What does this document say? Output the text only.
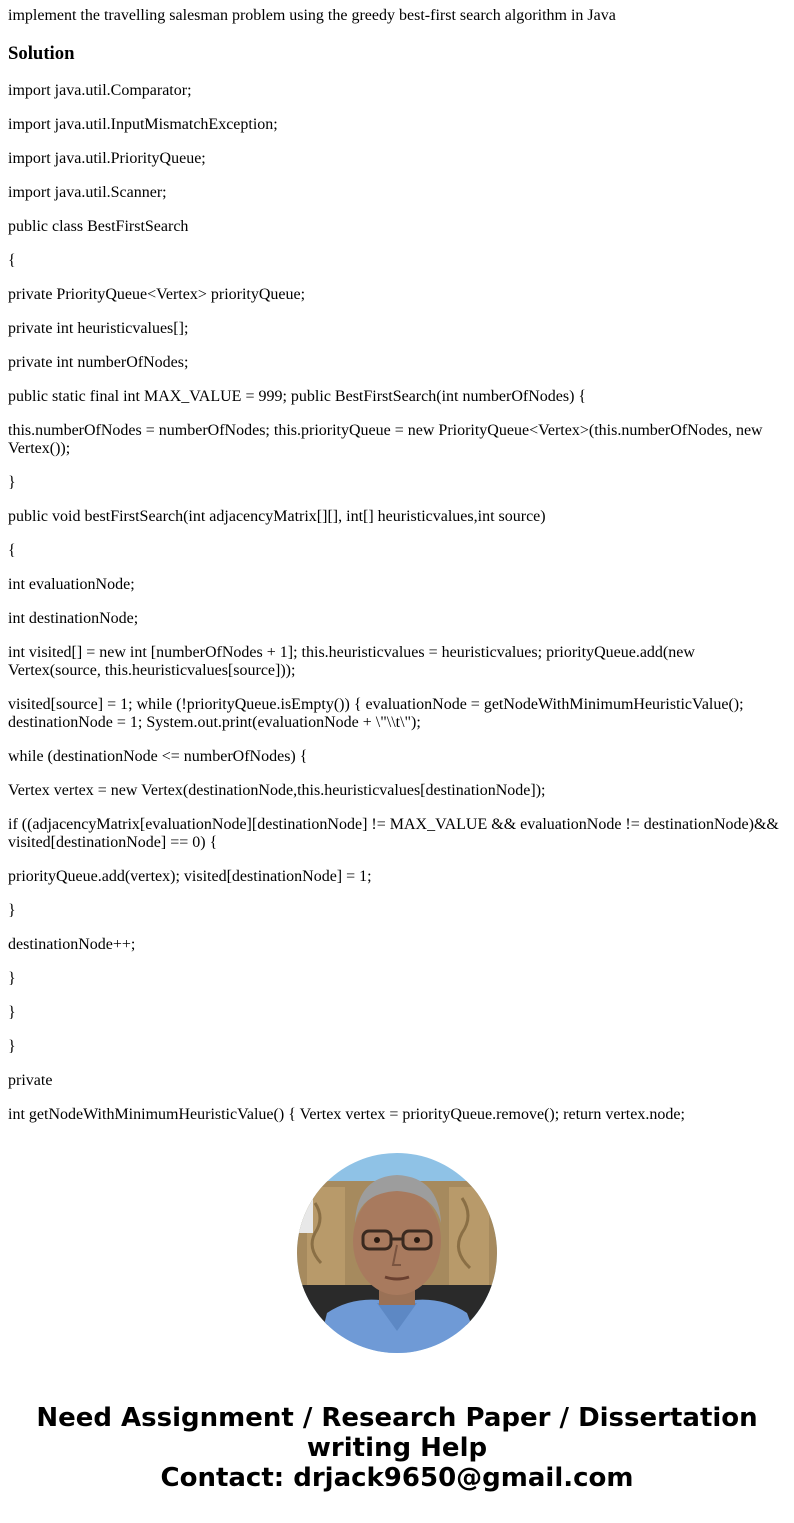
implement the travelling salesman problem using the greedy best-first search algorithm in Java

Solution

import java.util.Comparator;

import java.util.InputMismatchException;

import java.util.PriorityQueue;

import java.util.Scanner;

public class BestFirstSearch

{

private PriorityQueue<Vertex> priorityQueue;

private int heuristicvalues[];

private int numberOfNodes;

public static final int MAX_VALUE = 999; public BestFirstSearch(int numberOfNodes) {

this.numberOfNodes = numberOfNodes; this.priorityQueue = new PriorityQueue<Vertex>(this.numberOfNodes, new Vertex());

}

public void bestFirstSearch(int adjacencyMatrix[][], int[] heuristicvalues,int source)

{

int evaluationNode;

int destinationNode;

int visited[] = new int [numberOfNodes + 1]; this.heuristicvalues = heuristicvalues; priorityQueue.add(new Vertex(source, this.heuristicvalues[source]));

visited[source] = 1; while (!priorityQueue.isEmpty()) { evaluationNode = getNodeWithMinimumHeuristicValue(); destinationNode = 1; System.out.print(evaluationNode + \"\\t\");

while (destinationNode <= numberOfNodes) {

Vertex vertex = new Vertex(destinationNode,this.heuristicvalues[destinationNode]);

if ((adjacencyMatrix[evaluationNode][destinationNode] != MAX_VALUE && evaluationNode != destinationNode)&& visited[destinationNode] == 0) {

priorityQueue.add(vertex); visited[destinationNode] = 1;

}

destinationNode++;

}

}

}

private

int getNodeWithMinimumHeuristicValue() { Vertex vertex = priorityQueue.remove(); return vertex.node;

Need Assignment / Research Paper / Dissertation
writing Help
Contact: drjack9650@gmail.com
